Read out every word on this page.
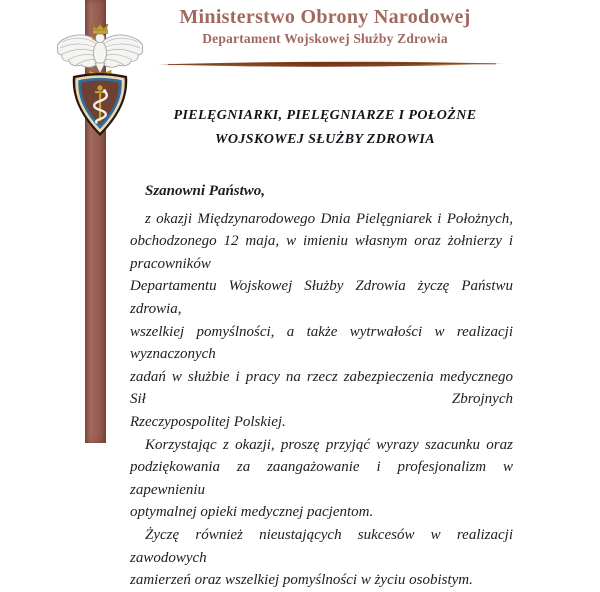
Ministerstwo Obrony Narodowej
Departament Wojskowej Służby Zdrowia
PIELĘGNIARKI, PIELĘGNIARZE I POŁOŻNE
WOJSKOWEJ SŁUŻBY ZDROWIA
Szanowni Państwo,
z okazji Międzynarodowego Dnia Pielęgniarek i Położnych,
obchodzonego 12 maja, w imieniu własnym oraz żołnierzy i pracowników
Departamentu Wojskowej Służby Zdrowia życzę Państwu zdrowia,
wszelkiej pomyślności, a także wytrwałości w realizacji wyznaczonych
zadań w służbie i pracy na rzecz zabezpieczenia medycznego Sił Zbrojnych
Rzeczypospolitej Polskiej.
Korzystając z okazji, proszę przyjąć wyrazy szacunku oraz
podziękowania za zaangażowanie i profesjonalizm w zapewnieniu
optymalnej opieki medycznej pacjentom.
Życzę również nieustających sukcesów w realizacji zawodowych
zamierzeń oraz wszelkiej pomyślności w życiu osobistym.
